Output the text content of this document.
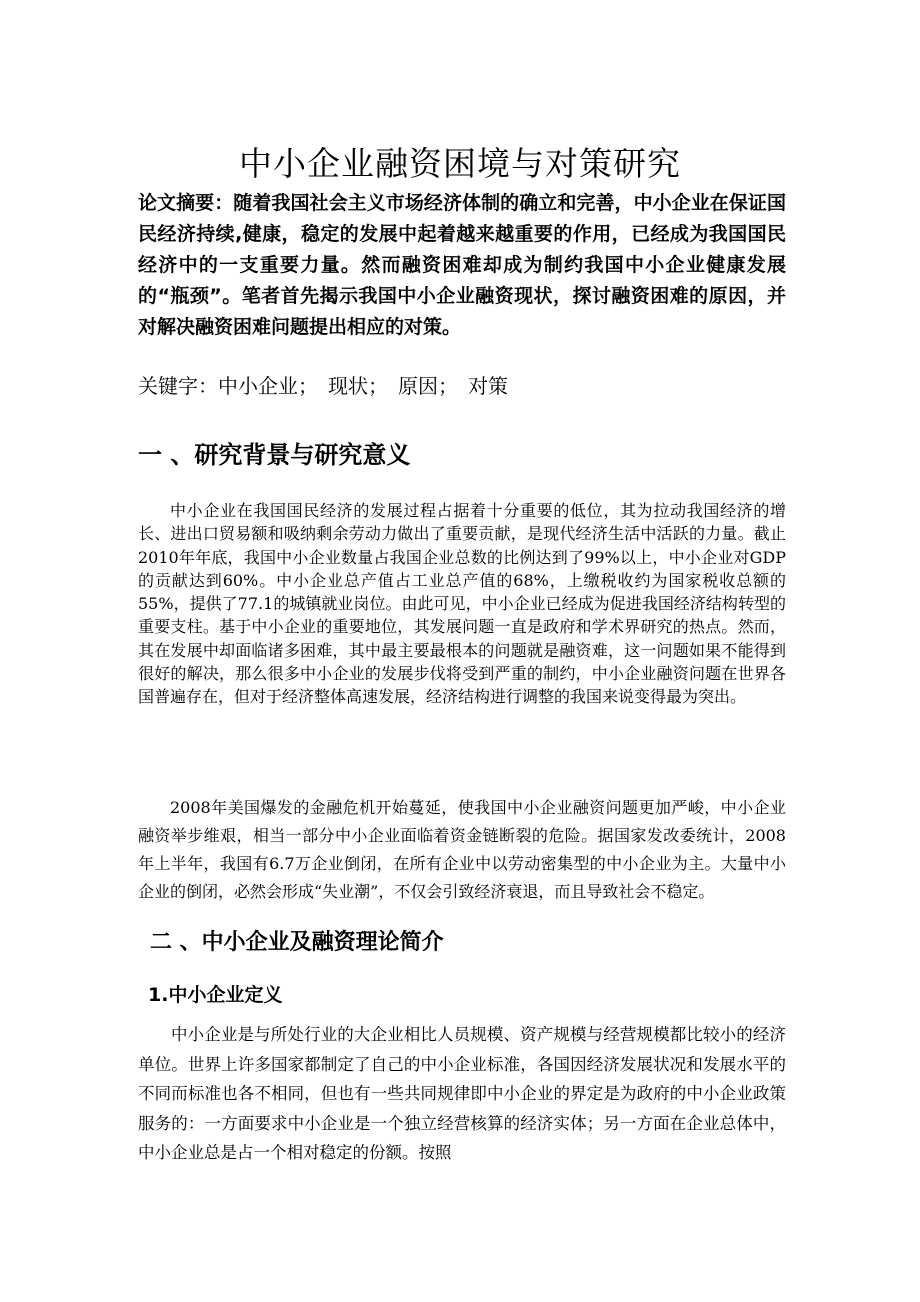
中小企业融资困境与对策研究

论文摘要：随着我国社会主义市场经济体制的确立和完善，中小企业在保证国民经济持续,健康，稳定的发展中起着越来越重要的作用，已经成为我国国民经济中的一支重要力量。然而融资困难却成为制约我国中小企业健康发展的“瓶颈”。笔者首先揭示我国中小企业融资现状，探讨融资困难的原因，并对解决融资困难问题提出相应的对策。

关键字：中小企业；　现状；　原因；　对策

一 、研究背景与研究意义

中小企业在我国国民经济的发展过程占据着十分重要的低位，其为拉动我国经济的增长、进出口贸易额和吸纳剩余劳动力做出了重要贡献，是现代经济生活中活跃的力量。截止2010年年底，我国中小企业数量占我国企业总数的比例达到了99%以上，中小企业对GDP的贡献达到60%。中小企业总产值占工业总产值的68%，上缴税收约为国家税收总额的55%，提供了77.1的城镇就业岗位。由此可见，中小企业已经成为促进我国经济结构转型的重要支柱。基于中小企业的重要地位，其发展问题一直是政府和学术界研究的热点。然而，其在发展中却面临诸多困难，其中最主要最根本的问题就是融资难，这一问题如果不能得到很好的解决，那么很多中小企业的发展步伐将受到严重的制约，中小企业融资问题在世界各国普遍存在，但对于经济整体高速发展，经济结构进行调整的我国来说变得最为突出。

2008年美国爆发的金融危机开始蔓延，使我国中小企业融资问题更加严峻，中小企业融资举步维艰，相当一部分中小企业面临着资金链断裂的危险。据国家发改委统计，2008年上半年，我国有6.7万企业倒闭，在所有企业中以劳动密集型的中小企业为主。大量中小企业的倒闭，必然会形成“失业潮”，不仅会引致经济衰退，而且导致社会不稳定。

二 、中小企业及融资理论简介
1.中小企业定义

中小企业是与所处行业的大企业相比人员规模、资产规模与经营规模都比较小的经济单位。世界上许多国家都制定了自己的中小企业标准，各国因经济发展状况和发展水平的不同而标准也各不相同，但也有一些共同规律即中小企业的界定是为政府的中小企业政策服务的：一方面要求中小企业是一个独立经营核算的经济实体；另一方面在企业总体中，中小企业总是占一个相对稳定的份额。按照
